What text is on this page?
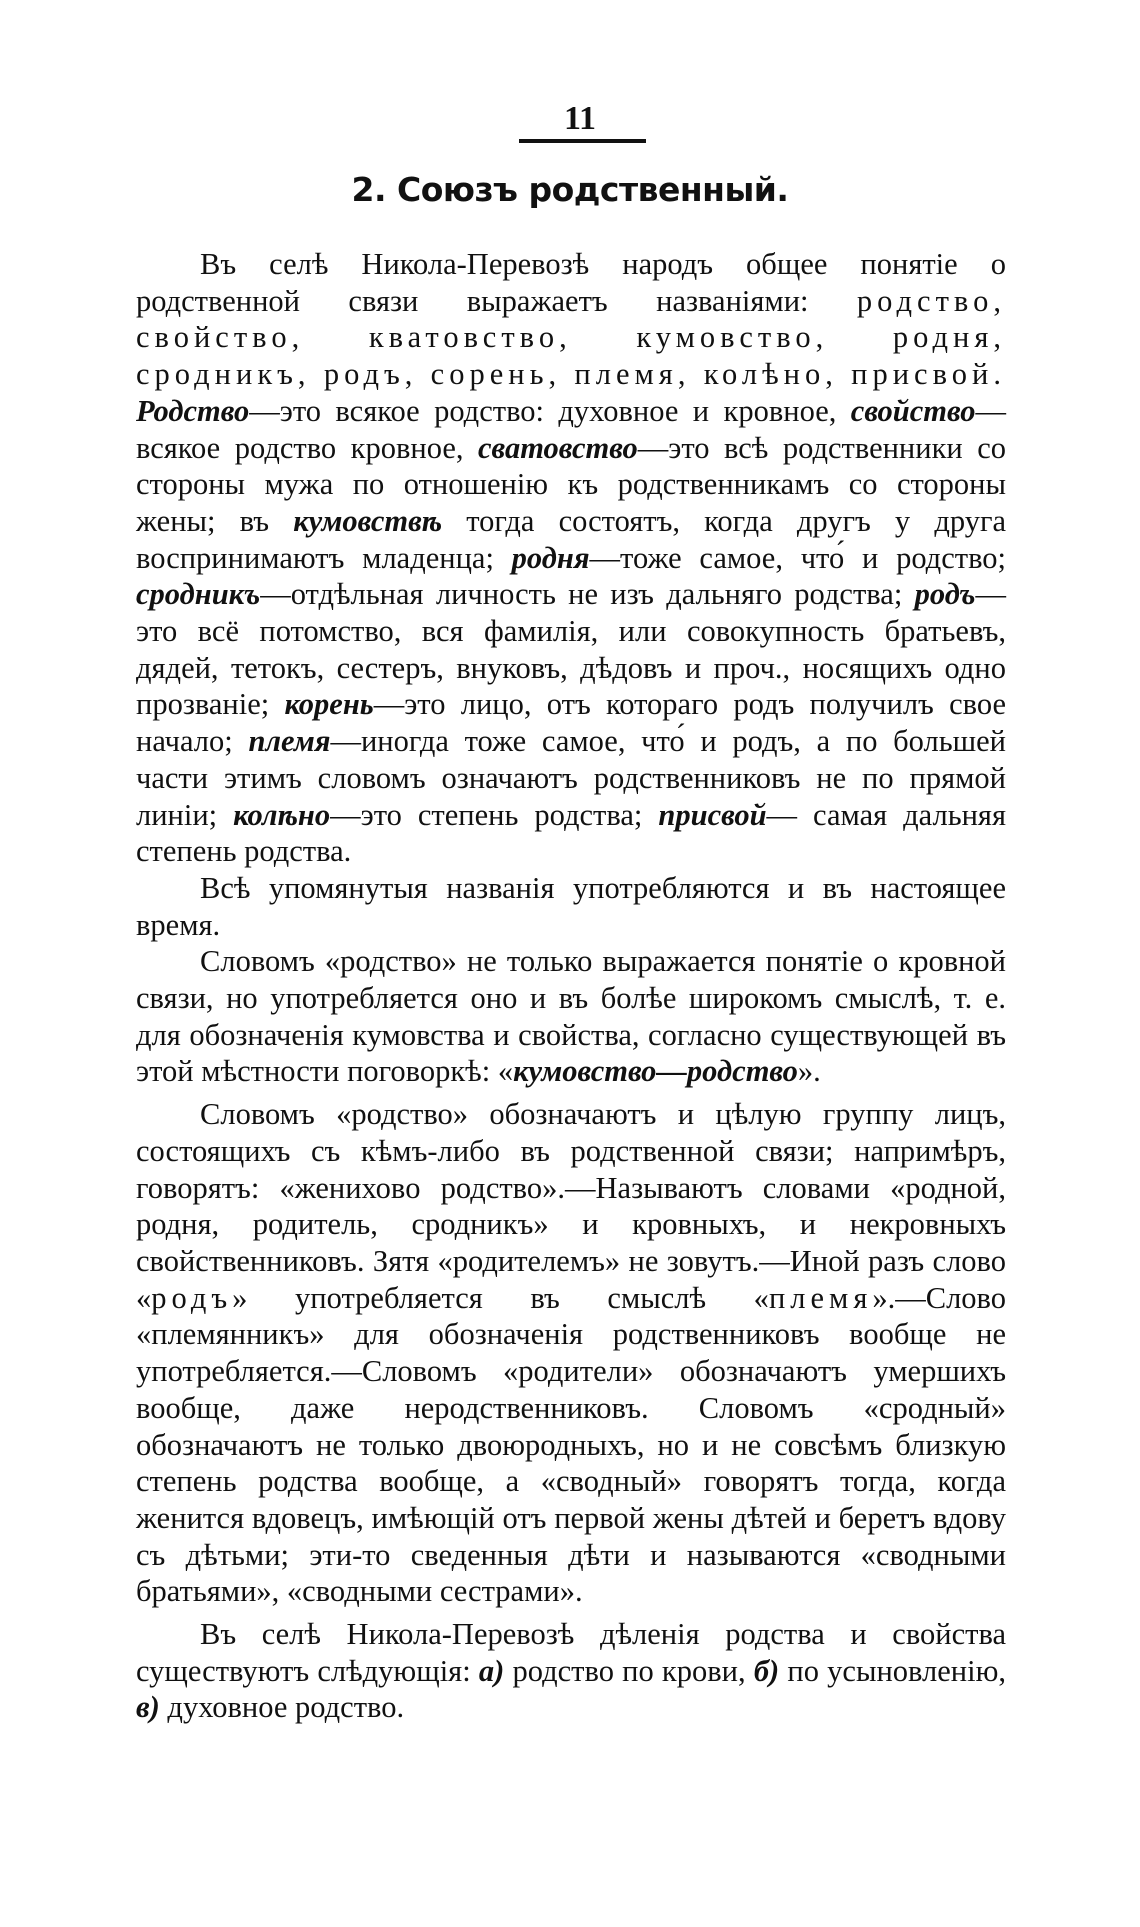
11
2. Союзъ родственный.

Въ селѣ Никола-Перевозѣ народъ общее понятіе о родственной связи выражаетъ названіями: родство, свойство, кватовство, кумовство, родня, сродникъ, родъ, сорень, племя, колѣно, присвой. Родство—это всякое родство: духовное и кровное, свойство—всякое родство кровное, сватовство—это всѣ родственники со стороны мужа по отношенію къ родственникамъ со стороны жены; въ кумовствѣ тогда состоятъ, когда другъ у друга воспринимаютъ младенца; родня—тоже самое, что́ и родство; сродникъ—отдѣльная личность не изъ дальняго родства; родъ—это всё потомство, вся фамилія, или совокупность братьевъ, дядей, тетокъ, сестеръ, внуковъ, дѣдовъ и проч., носящихъ одно прозваніе; корень—это лицо, отъ котораго родъ получилъ свое начало; племя—иногда тоже самое, что́ и родъ, а по большей части этимъ словомъ означаютъ родственниковъ не по прямой линіи; колѣно—это степень родства; присвой— самая дальняя степень родства.

Всѣ упомянутыя названія употребляются и въ настоящее время.

Словомъ «родство» не только выражается понятіе о кровной связи, но употребляется оно и въ болѣе широкомъ смыслѣ, т. е. для обозначенія кумовства и свойства, согласно существующей въ этой мѣстности поговоркѣ: «кумовство—родство».

Словомъ «родство» обозначаютъ и цѣлую группу лицъ, состоящихъ съ кѣмъ-либо въ родственной связи; напримѣръ, говорятъ: «жениховo родство».—Называютъ словами «родной, родня, родитель, сродникъ» и кровныхъ, и некровныхъ свойственниковъ. Зятя «родителемъ» не зовутъ.—Иной разъ слово «родъ» употребляется въ смыслѣ «племя».—Слово «племянникъ» для обозначенія родственниковъ вообще не употребляется.—Словомъ «родители» обозначаютъ умершихъ вообще, даже неродственниковъ. Словомъ «сродный» обозначаютъ не только двоюродныхъ, но и не совсѣмъ близкую степень родства вообще, а «сводный» говорятъ тогда, когда женится вдовецъ, имѣющій отъ первой жены дѣтей и беретъ вдову съ дѣтьми; эти-то сведенныя дѣти и называются «сводными братьями», «сводными сестрами».

Въ селѣ Никола-Перевозѣ дѣленія родства и свойства существуютъ слѣдующія: а) родство по крови, б) по усыновленію, в) духовное родство.
